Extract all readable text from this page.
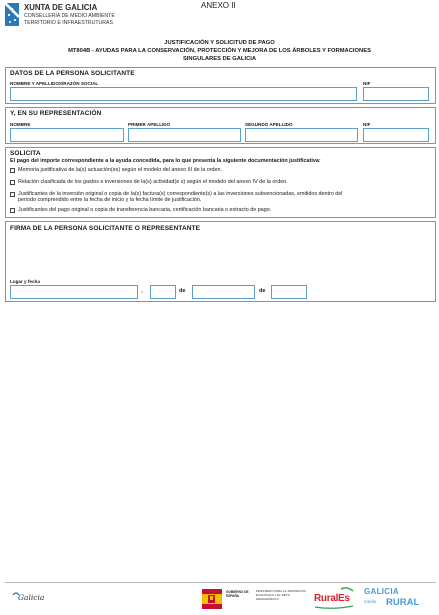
XUNTA DE GALICIA
CONSELLERÍA DE MEDIO AMBIENTE
TERRITORIO E INFRAESTRUTURAS
ANEXO II
JUSTIFICACIÓN Y SOLICITUD DE PAGO
MT804B - AYUDAS PARA LA CONSERVACIÓN, PROTECCIÓN Y MEJORA DE LOS ÁRBOLES Y FORMACIONES
SINGULARES DE GALICIA
DATOS DE LA PERSONA SOLICITANTE
NOMBRE Y APELLIDOS/RAZÓN SOCIAL	NIF
Y, EN SU REPRESENTACIÓN
NOMBRE	PRIMER APELLIDO	SEGUNDO APELLIDO	NIF
SOLICITA
El pago del importe correspondiente a la ayuda concedida, para lo que presenta la siguiente documentación justificativa:
Memoria justificativa de la(s) actuación(es) según el modelo del anexo III de la orden.
Relación clasificada de los gastos e inversiones de la(s) actividad(e s) según el modelo del anexo IV de la orden.
Justificantes de la inversión original o copia de la(s) factura(s) correspondiente(s) a las inversiones subvencionadas, emitidos dentro del
periodo comprendido entre la fecha de inicio y la fecha límite de justificación.
Justificantes del pago original o copia de transferencia bancaria, certificación bancaria o extracto de pago.
FIRMA DE LA PERSONA SOLICITANTE O REPRESENTANTE
Lugar y fecha
,	de	de
Galicia
GOBIERNO DE ESPAÑA
MINISTERIO PARA LA TRANSICIÓN ECOLÓGICA Y EL RETO DEMOGRÁFICO	RuralEs
GALICIA
medio RURAL
